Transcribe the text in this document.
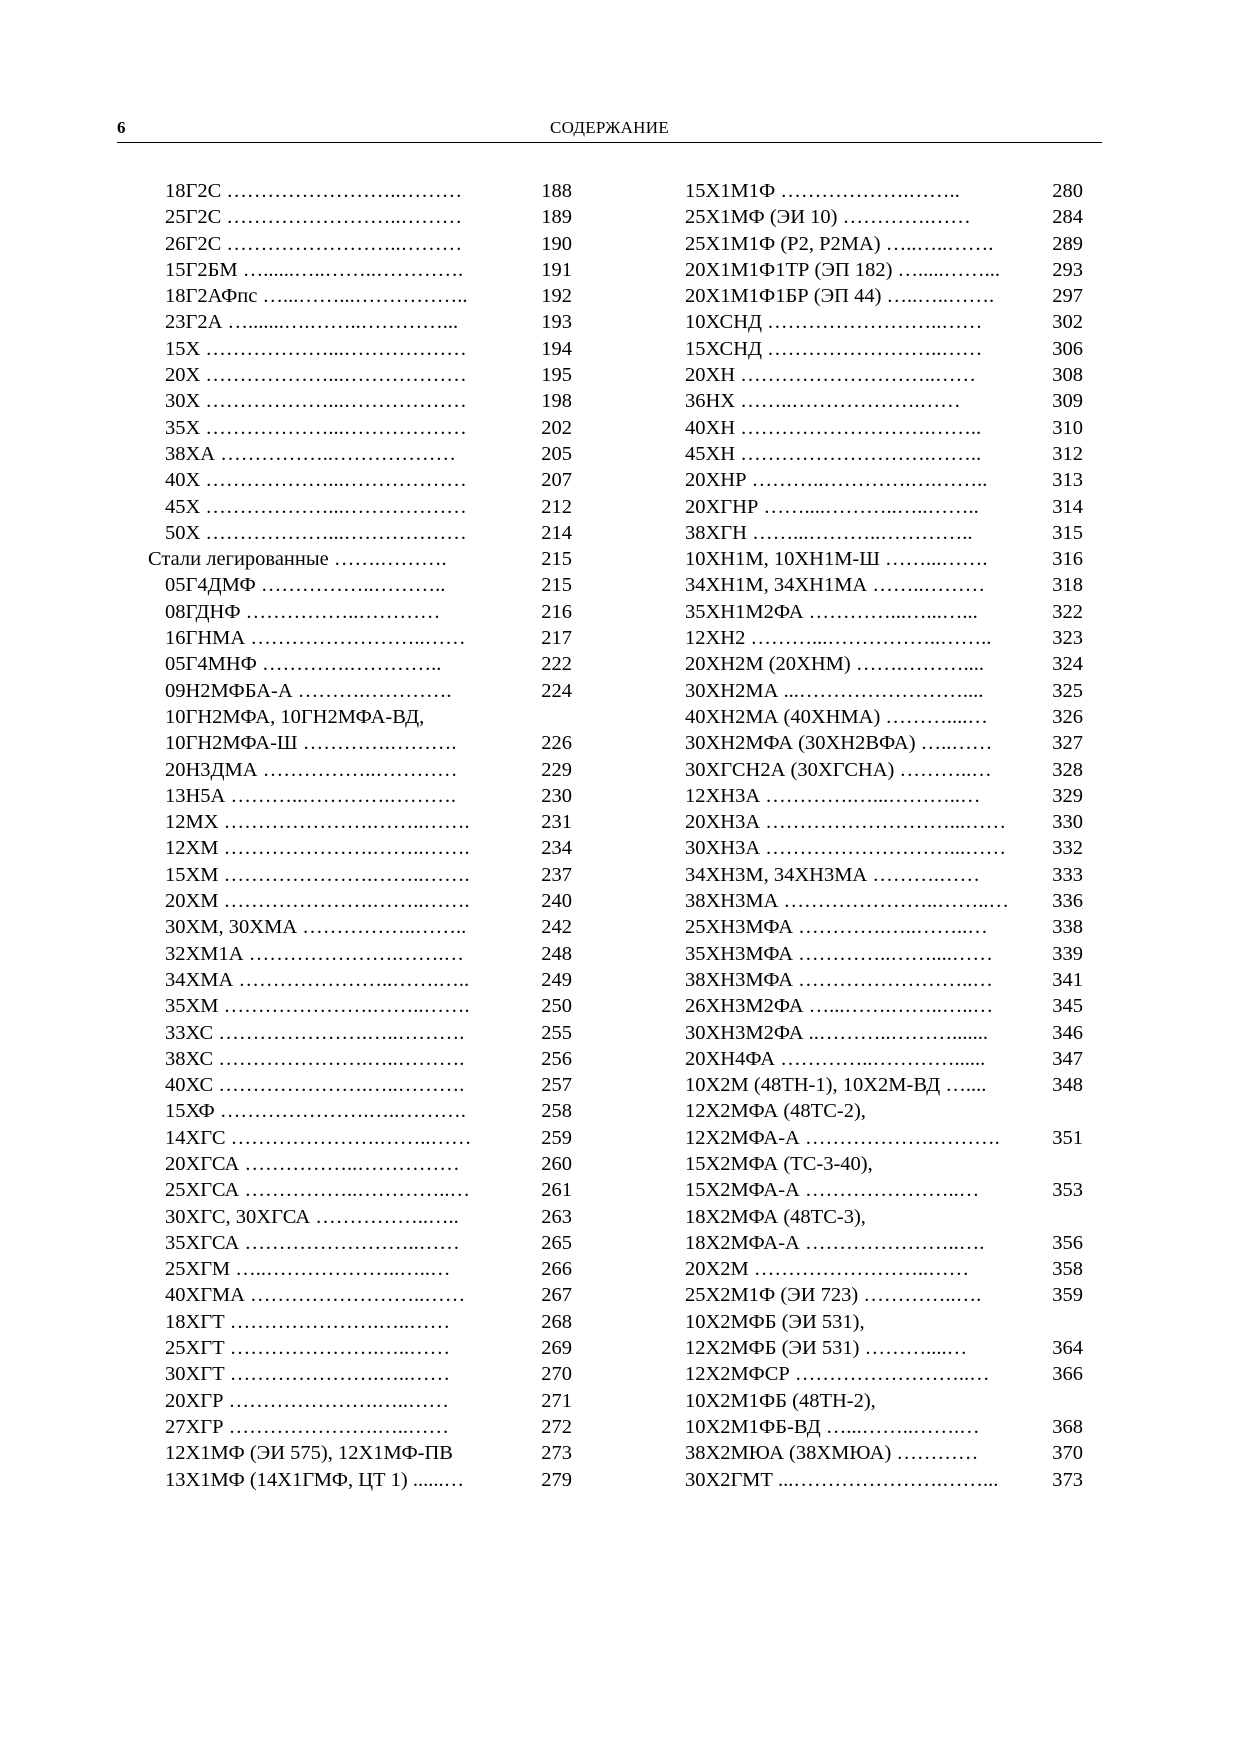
6	СОДЕРЖАНИЕ
18Г2С ……………………..………	188
25Г2С ……………………..………	189
26Г2С ……………………..………	190
15Г2БМ …......…..……..………….	191
18Г2АФпс …...……...……………..	192
23Г2А ….......….……..…………...	193
15Х ………………...………………	194
20Х ………………...………………	195
30Х ………………...………………	198
35Х ………………...………………	202
38ХА ……………..………………	205
40Х ………………...………………	207
45Х ………………...………………	212
50Х ………………...………………	214
Стали легированные …….……….	215
05Г4ДМФ ……………..………..	215
08ГДНФ ……………..…………	216
16ГНМА ……………………..……	217
05Г4МНФ ………….…………..	222
09Н2МФБА-А ……….………….	224
10ГН2МФА, 10ГН2МФА-ВД,
10ГН2МФА-Ш ………….……….	226
20Н3ДМА ……………..…………	229
13Н5А ………..………….……….	230
12МХ ………………….……..…….	231
12ХМ ………………….……..…….	234
15ХМ ………………….……..…….	237
20ХМ ………………….……..…….	240
30ХМ, 30ХМА ……………..……..	242
32ХМ1А ………………….…….…	248
34ХМА …………………..…….…..	249
35ХМ ………………….……..…….	250
33ХС ………………….…..……….	255
38ХС ………………….…..……….	256
40ХС ………………….…..……….	257
15ХФ ………………….…..……….	258
14ХГС ………………….……..……	259
20ХГСА ……………..……………	260
25ХГСА ……………..…………..…	261
30ХГС, 30ХГСА ……………..…..	263
35ХГСА ……………………..……	265
25ХГМ …..………………..…..…	266
40ХГМА ……………………..……	267
18ХГТ ………………….…..……	268
25ХГТ ………………….…..……	269
30ХГТ ………………….…..……	270
20ХГР ………………….…..……	271
27ХГР ………………….…..……	272
12Х1МФ (ЭИ 575), 12Х1МФ-ПВ	273
13Х1МФ (14Х1ГМФ, ЦТ 1) ......…	279
15Х1М1Ф ……………….……..	280
25Х1МФ (ЭИ 10) ………….……	284
25Х1М1Ф (Р2, Р2МА) …..…..…….	289
20Х1М1Ф1ТР (ЭП 182) ….....……...	293
20Х1М1Ф1БР (ЭП 44) …..…..…….	297
10ХСНД ……………………..……	302
15ХСНД ……………………..……	306
20ХН ………………………..……	308
36НХ ……..……………….……	309
40ХН ……………………….……..	310
45ХН ……………………….……..	312
20ХНР ………..………….….……..	313
20ХГНР ……....………..…..……..	314
38ХГН ……...………..…………..	315
10ХН1М, 10ХН1М-Ш ……...…….	316
34ХН1М, 34ХН1МА ……..………	318
35ХН1М2ФА …………...…...…...	322
12ХН2 ………...……………..……..	323
20ХН2М (20ХНМ) …….………....	324
30ХН2МА ...……………………....	325
40ХН2МА (40ХНМА) ………....…	326
30ХН2МФА (30ХН2ВФА) …..……	327
30ХГСН2А (30ХГСНА) ………..…	328
12ХН3А ………….…...………..…	329
20ХН3А ………………………...…… 330
30ХН3А ………………………...…… 332
34ХН3М, 34ХН3МА ……….……	333
38ХН3МА …………………..……..… 336
25ХН3МФА ………….…..……..…	338
35ХН3МФА …………..……....……	339
38ХН3МФА ……………………..…	341
26ХН3М2ФА …...…….……..…..…	345
30ХН3М2ФА ..………..……….......	346
20ХН4ФА …………..…………......	347
10Х2М (48ТН-1), 10Х2М-ВД …....	348
12Х2МФА (48ТС-2),
12Х2МФА-А ……………….……….	351
15Х2МФА (ТС-3-40),
15Х2МФА-А …………………..…	353
18Х2МФА (48ТС-3),
18Х2МФА-А …………………..….	356
20Х2М ……………………..……	358
25Х2М1Ф (ЭИ 723) …………..….	359
10Х2МФБ (ЭИ 531),
12Х2МФБ (ЭИ 531) ………....…	364
12Х2МФСР ……………………..…	366
10Х2М1ФБ (48ТН-2),
10Х2М1ФБ-ВД …...……..…….…	368
38Х2МЮА (38ХМЮА) …………	370
30Х2ГМТ ...………………….……...	373
